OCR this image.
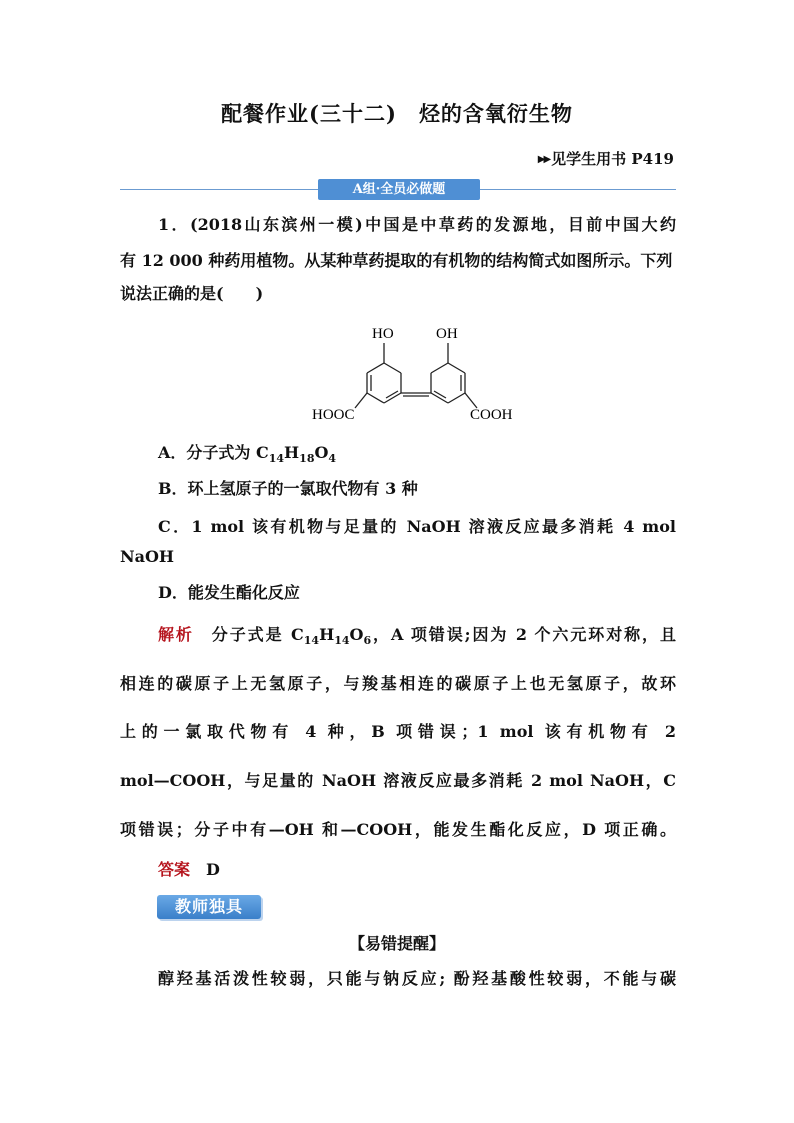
配餐作业(三十二) 烃的含氧衍生物
▶▶ 见学生用书 P419
A组·全员必做题
1．(2018山东滨州一模)中国是中草药的发源地，目前中国大约
有 12 000 种药用植物。从某种草药提取的有机物的结构简式如图所示。下列说法正确的是(　　)
HO	OH
HOOC	COOH
A．分子式为 $C_{14}H_{18}O_4$
B．环上氢原子的一氯取代物有 3 种
C．1 mol 该有机物与足量的 NaOH 溶液反应最多消耗 4 mol
NaOH
D．能发生酯化反应
解析 分子式是 $C_{14}H_{14}O_6$，A 项错误;因为 2 个六元环对称，且
相连的碳原子上无氢原子，与羧基相连的碳原子上也无氢原子，故环
上的一氯取代物有 4 种，B 项错误；1 mol 该有机物有 2
mol—COOH，与足量的 NaOH 溶液反应最多消耗 2 mol NaOH，C
项错误；分子中有—OH 和—COOH，能发生酯化反应，D 项正确。
答案 D
教师独具
【易错提醒】
醇羟基活泼性较弱，只能与钠反应; 酚羟基酸性较弱，不能与碳
